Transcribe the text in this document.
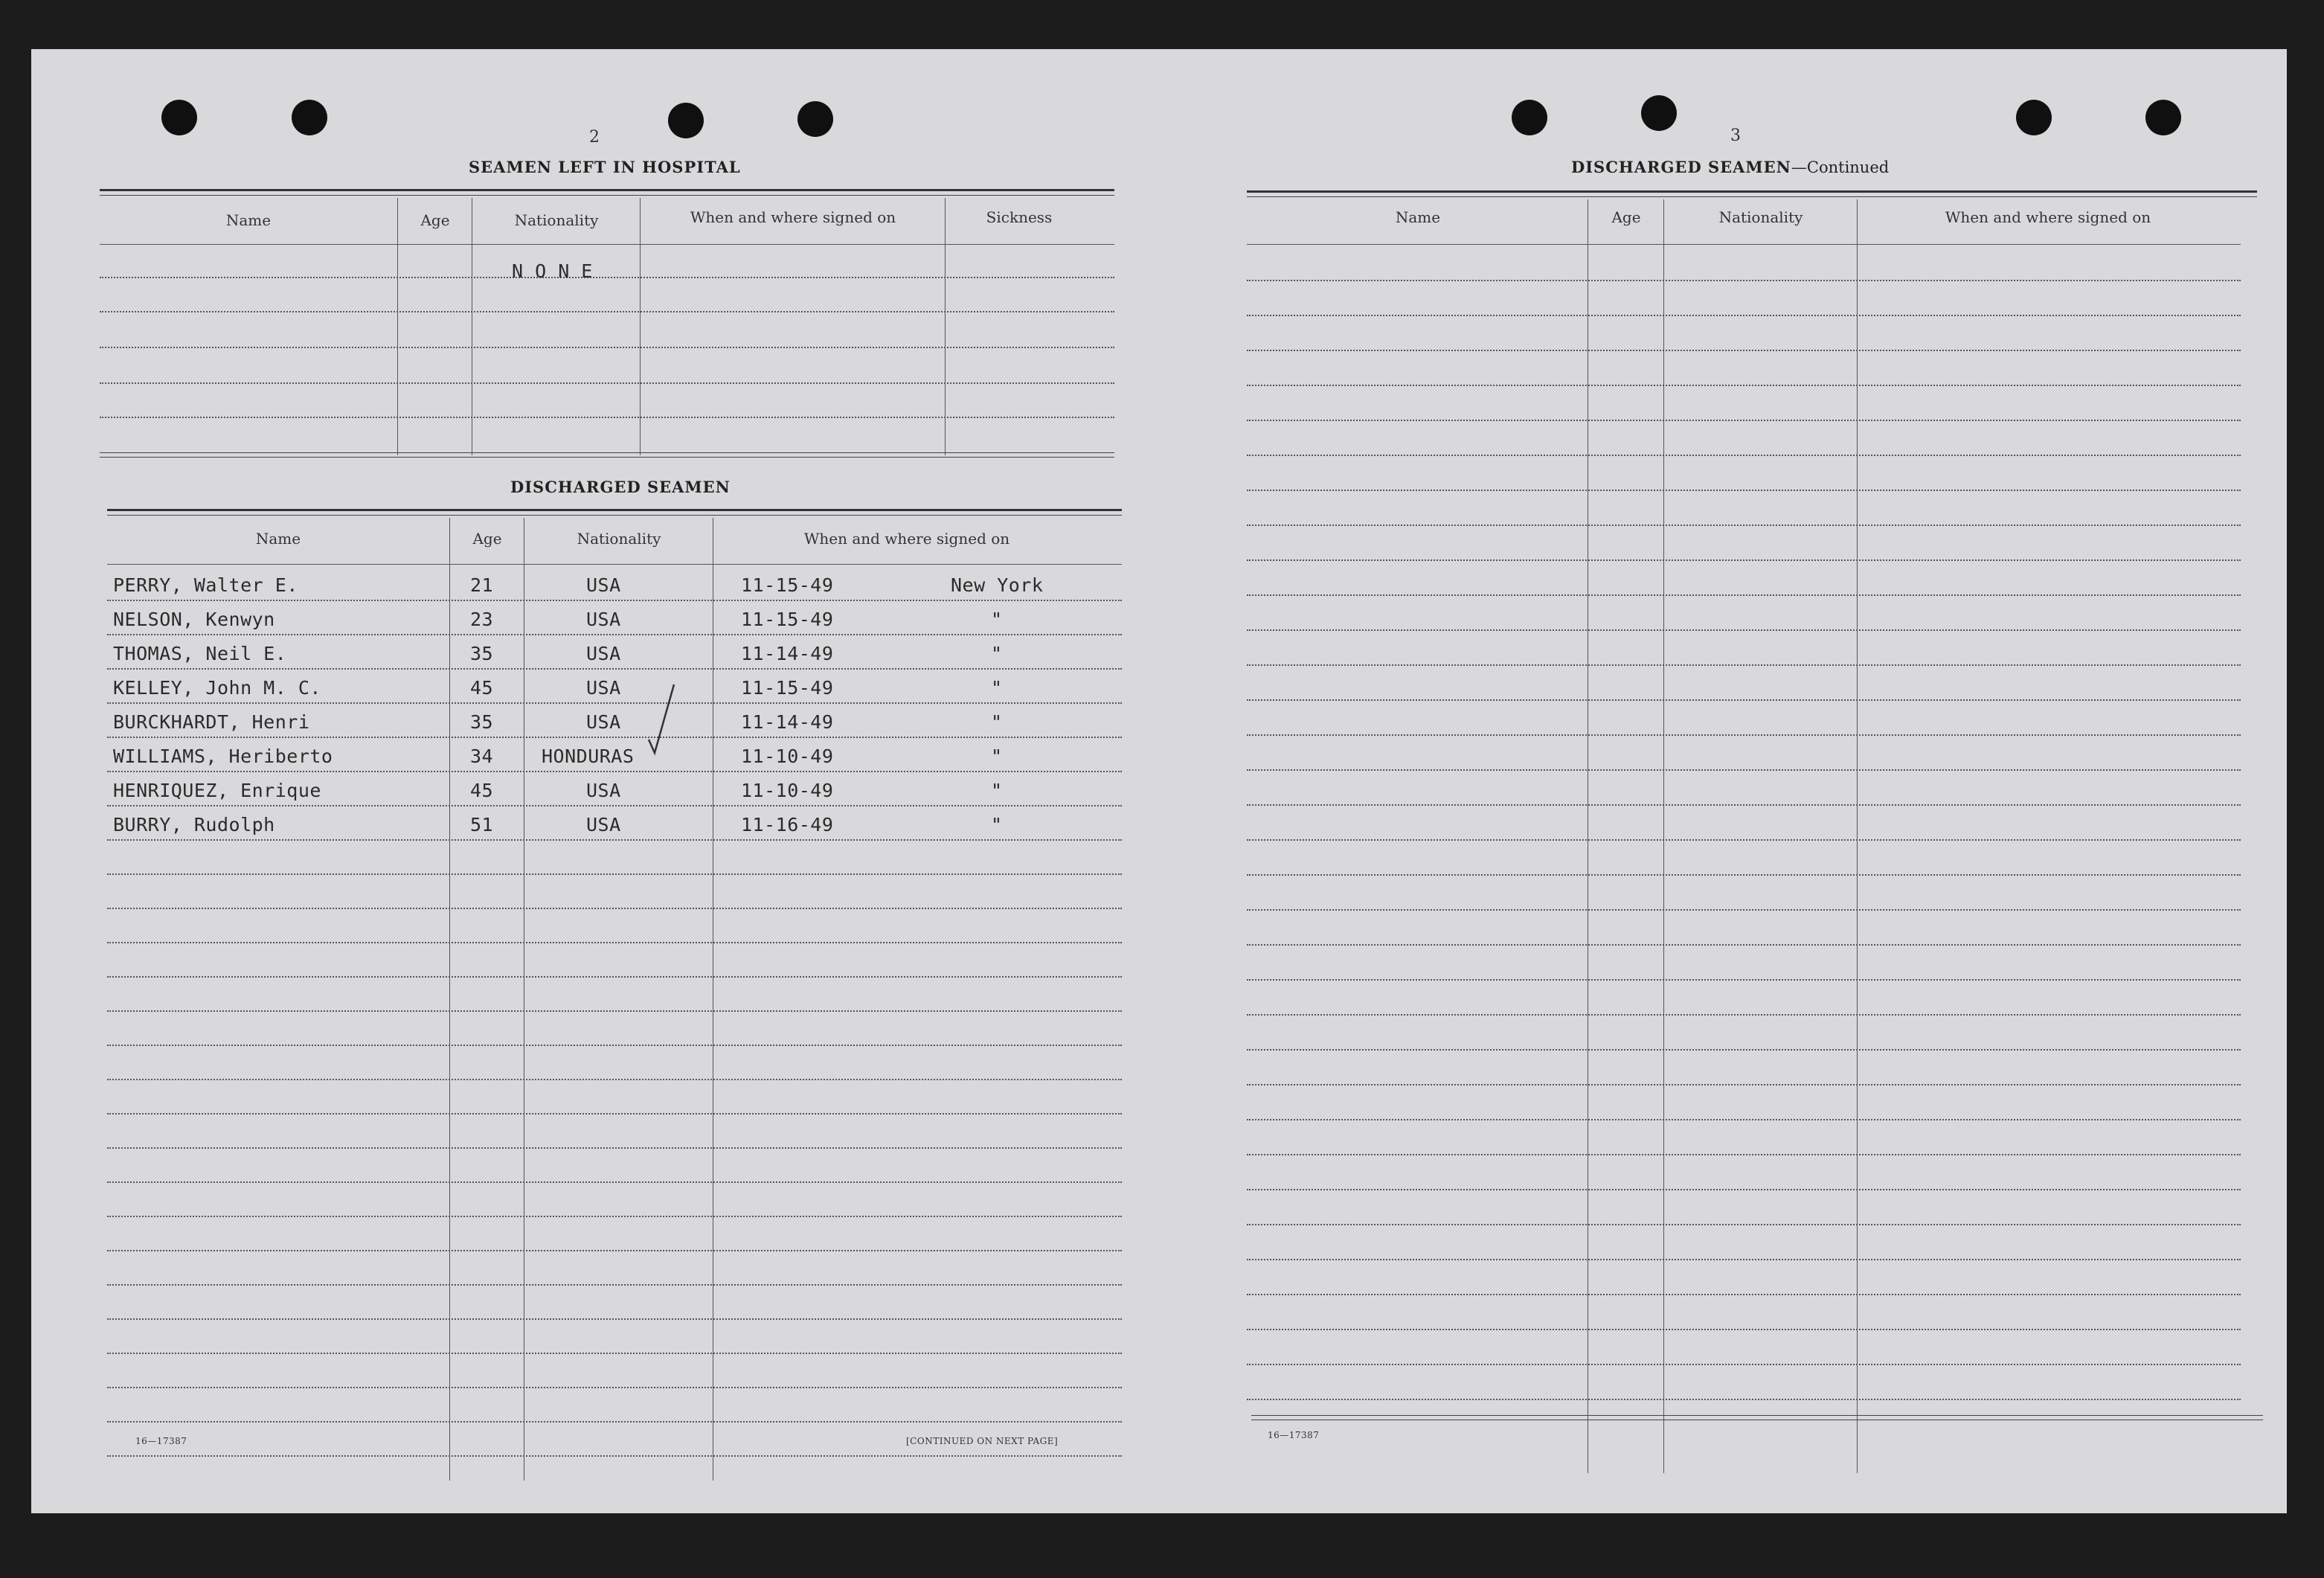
2
SEAMEN LEFT IN HOSPITAL
Name	Age	Nationality	When and where signed on	Sickness
N O N E
DISCHARGED SEAMEN
Name	Age	Nationality	When and where signed on
PERRY, Walter E.	21	USA	11-15-49	New York
NELSON, Kenwyn	23	USA	11-15-49	"
THOMAS, Neil E.	35	USA	11-14-49	"
KELLEY, John M. C.	45	USA	11-15-49	"
BURCKHARDT, Henri	35	USA	11-14-49	"
WILLIAMS, Heriberto	34	HONDURAS	11-10-49	"
HENRIQUEZ, Enrique	45	USA	11-10-49	"
BURRY, Rudolph	51	USA	11-16-49	"
16—17387	[CONTINUED ON NEXT PAGE]
3
DISCHARGED SEAMEN—Continued
Name	Age	Nationality	When and where signed on
16—17387
